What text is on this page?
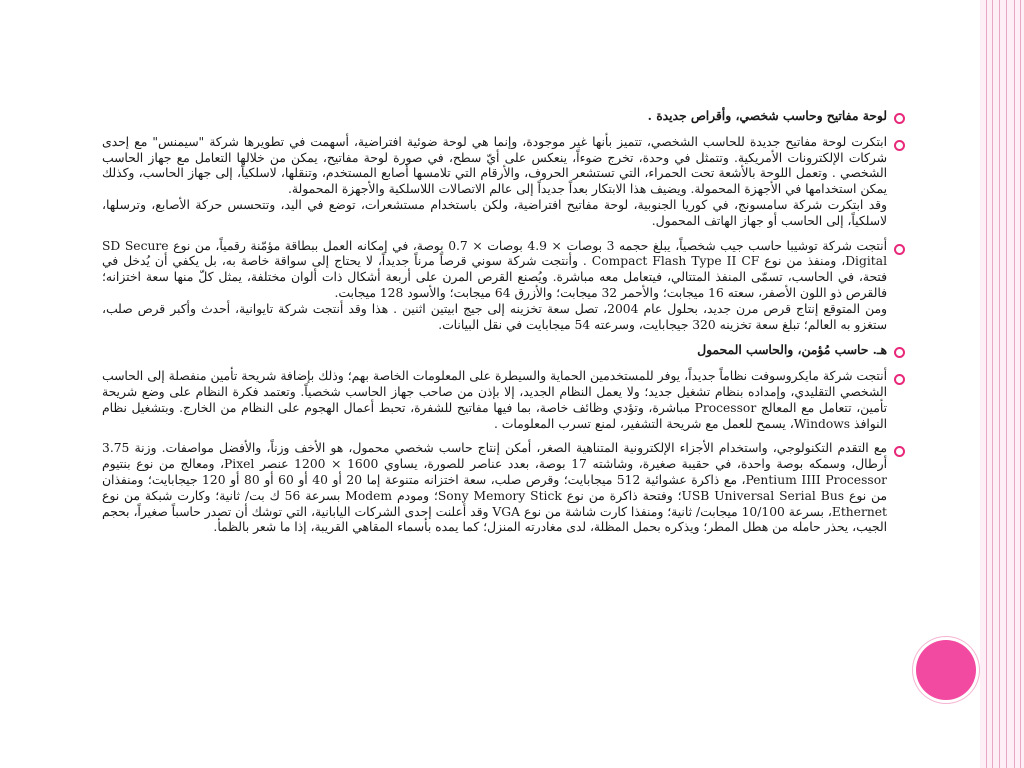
لوحة مفاتيح وحاسب شخصي، وأقراص جديدة .
ابتكرت لوحة مفاتيح جديدة للحاسب الشخصي، تتميز بأنها غير موجودة، وإنما هي لوحة ضوئية افتراضية، أسهمت في تطويرها شركة "سيمنس" مع إحدى شركات الإلكترونات الأمريكية. وتتمثل في وحدة، تخرج ضوءاً، ينعكس على أيّ سطح، في صورة لوحة مفاتيح، يمكن من خلالها التعامل مع جهاز الحاسب الشخصي . وتعمل اللوحة بالأشعة تحت الحمراء، التي تستشعر الحروف، والأرقام التي تلامسها أصابع المستخدم، وتنقلها، لاسلكياً، إلى جهاز الحاسب، وكذلك يمكن استخدامها في الأجهزة المحمولة. ويضيف هذا الابتكار بعداً جديداً إلى عالم الاتصالات اللاسلكية والأجهزة المحمولة.
وقد ابتكرت شركة سامسونج، في كوريا الجنوبية، لوحة مفاتيح افتراضية، ولكن باستخدام مستشعرات، توضع في اليد، وتتحسس حركة الأصابع، وترسلها، لاسلكياً، إلى الحاسب أو جهاز الهاتف المحمول.
أنتجت شركة توشيبا حاسب جيب شخصياً، يبلغ حجمه 3 بوصات × 4.9 بوصات × 0.7 بوصة، في إمكانه العمل ببطاقة مؤمّنة رقمياً، من نوع SD Secure Digital، ومنفذ من نوع Compact Flash Type II CF . وأنتجت شركة سوني قرصاً مرناً جديداً، لا يحتاج إلى سواقة خاصة به، بل يكفي أن يُدخل في فتحة، في الحاسب، تسمّى المنفذ المتتالي، فيتعامل معه مباشرة. ويُصنع القرص المرن على أربعة أشكال ذات ألوان مختلفة، يمثل كلّ منها سعة اختزانه؛ فالقرص ذو اللون الأصفر، سعته 16 ميجابت؛ والأحمر 32 ميجابت؛ والأزرق 64 ميجابت؛ والأسود 128 ميجابت.
ومن المتوقع إنتاج قرص مرن جديد، بحلول عام 2004، تصل سعة تخزينه إلى جيج ابيتين اثنين . هذا وقد أنتجت شركة تايوانية، أحدث وأكبر قرص صلب، ستغزو به العالم؛ تبلغ سعة تخزينه 320 جيجابايت، وسرعته 54 ميجابايت في نقل البيانات.
هـ. حاسب مُؤمن، والحاسب المحمول
أنتجت شركة مايكروسوفت نظاماً جديداً، يوفر للمستخدمين الحماية والسيطرة على المعلومات الخاصة بهم؛ وذلك بإضافة شريحة تأمين منفصلة إلى الحاسب الشخصي التقليدي، وإمداده بنظام تشغيل جديد؛ ولا يعمل النظام الجديد، إلا بإذن من صاحب جهاز الحاسب شخصياً. وتعتمد فكرة النظام على وضع شريحة تأمين، تتعامل مع المعالج Processor مباشرة، وتؤدي وظائف خاصة، بما فيها مفاتيح للشفرة، تحبط أعمال الهجوم على النظام من الخارج. وبتشغيل نظام النوافذ Windows، يسمح للعمل مع شريحة التشفير، لمنع تسرب المعلومات .
مع التقدم التكنولوجي، واستخدام الأجزاء الإلكترونية المتناهية الصغر، أمكن إنتاج حاسب شخصي محمول، هو الأخف وزناً، والأفضل مواصفات. وزنة 3.75 أرطال، وسمكه بوصة واحدة، في حقيبة صغيرة، وشاشته 17 بوصة، بعدد عناصر للصورة، يساوي 1600 × 1200 عنصر Pixel، ومعالج من نوع بنتيوم Pentium IIII Processor، مع ذاكرة عشوائية 512 ميجابايت؛ وقرص صلب، سعة اختزانه متنوعة إما 20 أو 40 أو 60 أو 80 أو 120 جيجابايت؛ ومنفذان من نوع USB Universal Serial Bus؛ وفتحة ذاكرة من نوع Sony Memory Stick؛ ومودم Modem بسرعة 56 ك بت/ ثانية؛ وكارت شبكة من نوع Ethernet، بسرعة 10/100 ميجابت/ ثانية؛ ومنفذا كارت شاشة من نوع VGA وقد أعلنت إحدى الشركات اليابانية، التي توشك أن تصدر حاسباً صغيراً، بحجم الجيب، يحذر حامله من هطل المطر؛ ويذكره بحمل المظلة، لدى مغادرته المنزل؛ كما يمده بأسماء المقاهي القريبة، إذا ما شعر بالظمأ.
